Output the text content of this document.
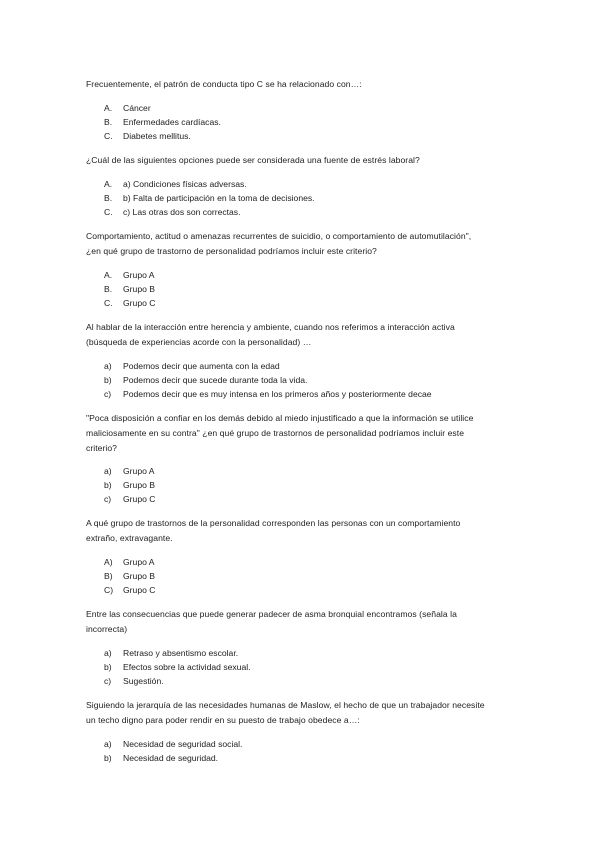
Frecuentemente, el patrón de conducta tipo C se ha relacionado con…:
A. Cáncer
B. Enfermedades cardíacas.
C. Diabetes mellitus.
¿Cuál de las siguientes opciones puede ser considerada una fuente de estrés laboral?
A. a) Condiciones físicas adversas.
B. b) Falta de participación en la toma de decisiones.
C. c) Las otras dos son correctas.
Comportamiento, actitud o amenazas recurrentes de suicidio, o comportamiento de automutilación",
¿en qué grupo de trastorno de personalidad podríamos incluir este criterio?
A. Grupo A
B. Grupo B
C. Grupo C
Al hablar de la interacción entre herencia y ambiente, cuando nos referimos a interacción activa
(búsqueda de experiencias acorde con la personalidad) …
a) Podemos decir que aumenta con la edad
b) Podemos decir que sucede durante toda la vida.
c) Podemos decir que es muy intensa en los primeros años y posteriormente decae
"Poca disposición a confiar en los demás debido al miedo injustificado a que la información se utilice
maliciosamente en su contra" ¿en qué grupo de trastornos de personalidad podríamos incluir este
criterio?
a) Grupo A
b) Grupo B
c) Grupo C
A qué grupo de trastornos de la personalidad corresponden las personas con un comportamiento
extraño, extravagante.
A) Grupo A
B) Grupo B
C) Grupo C
Entre las consecuencias que puede generar padecer de asma bronquial encontramos (señala la
incorrecta)
a) Retraso y absentismo escolar.
b) Efectos sobre la actividad sexual.
c) Sugestión.
Siguiendo la jerarquía de las necesidades humanas de Maslow, el hecho de que un trabajador necesite
un techo digno para poder rendir en su puesto de trabajo obedece a…:
a) Necesidad de seguridad social.
b) Necesidad de seguridad.
